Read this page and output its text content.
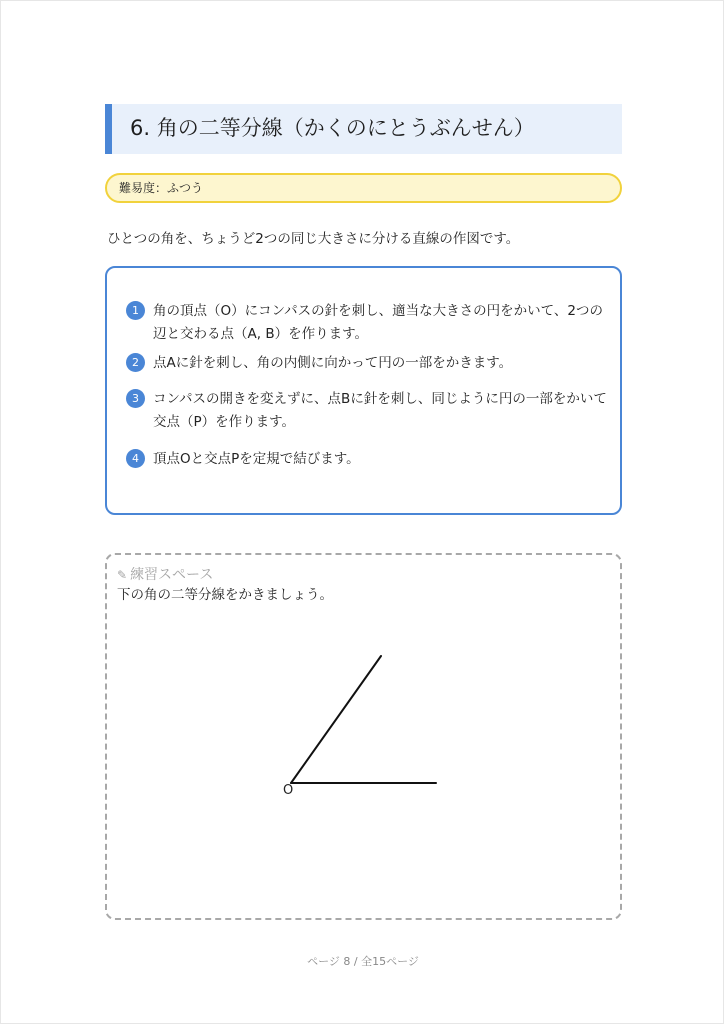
6. 角の二等分線（かくのにとうぶんせん）
難易度：ふつう
ひとつの角を、ちょうど2つの同じ大きさに分ける直線の作図です。
1	角の頂点（O）にコンパスの針を刺し、適当な大きさの円をかいて、2つの辺と交わる点（A, B）を作ります。
2	点Aに針を刺し、角の内側に向かって円の一部をかきます。
3	コンパスの開きを変えずに、点Bに針を刺し、同じように円の一部をかいて交点（P）を作ります。
4	頂点Oと交点Pを定規で結びます。
✎ 練習スペース
下の角の二等分線をかきましょう。
O
ページ 8 / 全15ページ
